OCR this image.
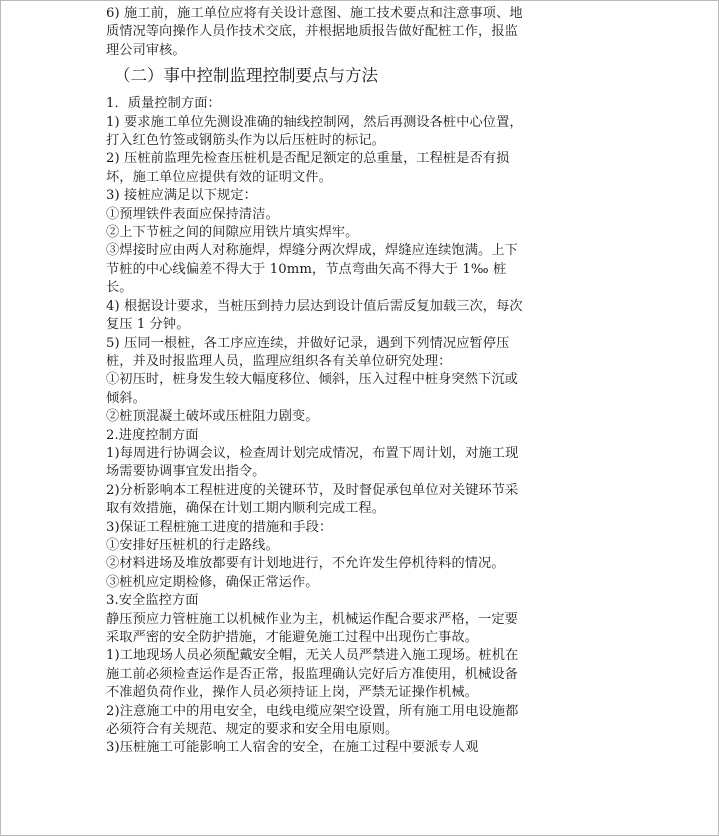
6) 施工前，施工单位应将有关设计意图、施工技术要点和注意事项、地质情况等向操作人员作技术交底，并根据地质报告做好配桩工作，报监理公司审核。

（二）事中控制监理控制要点与方法

1．质量控制方面：

1) 要求施工单位先测设准确的轴线控制网，然后再测设各桩中心位置，打入红色竹签或钢筋头作为以后压桩时的标记。

2) 压桩前监理先检查压桩机是否配足额定的总重量，工程桩是否有损坏，施工单位应提供有效的证明文件。

3) 接桩应满足以下规定：

①预埋铁件表面应保持清洁。

②上下节桩之间的间隙应用铁片填实焊牢。

③焊接时应由两人对称施焊，焊缝分两次焊成，焊缝应连续饱满。上下节桩的中心线偏差不得大于 10mm，节点弯曲矢高不得大于 1‰ 桩长。

4) 根据设计要求，当桩压到持力层达到设计值后需反复加载三次，每次复压 1 分钟。

5) 压同一根桩，各工序应连续，并做好记录，遇到下列情况应暂停压桩，并及时报监理人员，监理应组织各有关单位研究处理：

①初压时，桩身发生较大幅度移位、倾斜，压入过程中桩身突然下沉或倾斜。

②桩顶混凝土破坏或压桩阻力剧变。

2.进度控制方面

1)每周进行协调会议，检查周计划完成情况，布置下周计划，对施工现场需要协调事宜发出指令。

2)分析影响本工程桩进度的关键环节，及时督促承包单位对关键环节采取有效措施，确保在计划工期内顺利完成工程。

3)保证工程桩施工进度的措施和手段：

①安排好压桩机的行走路线。

②材料进场及堆放都要有计划地进行，不允许发生停机待料的情况。

③桩机应定期检修，确保正常运作。

3.安全监控方面

静压预应力管桩施工以机械作业为主，机械运作配合要求严格，一定要采取严密的安全防护措施，才能避免施工过程中出现伤亡事故。

1)工地现场人员必须配戴安全帽，无关人员严禁进入施工现场。桩机在施工前必须检查运作是否正常，报监理确认完好后方准使用，机械设备不准超负荷作业，操作人员必须持证上岗，严禁无证操作机械。

2)注意施工中的用电安全，电线电缆应架空设置，所有施工用电设施都必须符合有关规范、规定的要求和安全用电原则。

3)压桩施工可能影响工人宿舍的安全，在施工过程中要派专人观
